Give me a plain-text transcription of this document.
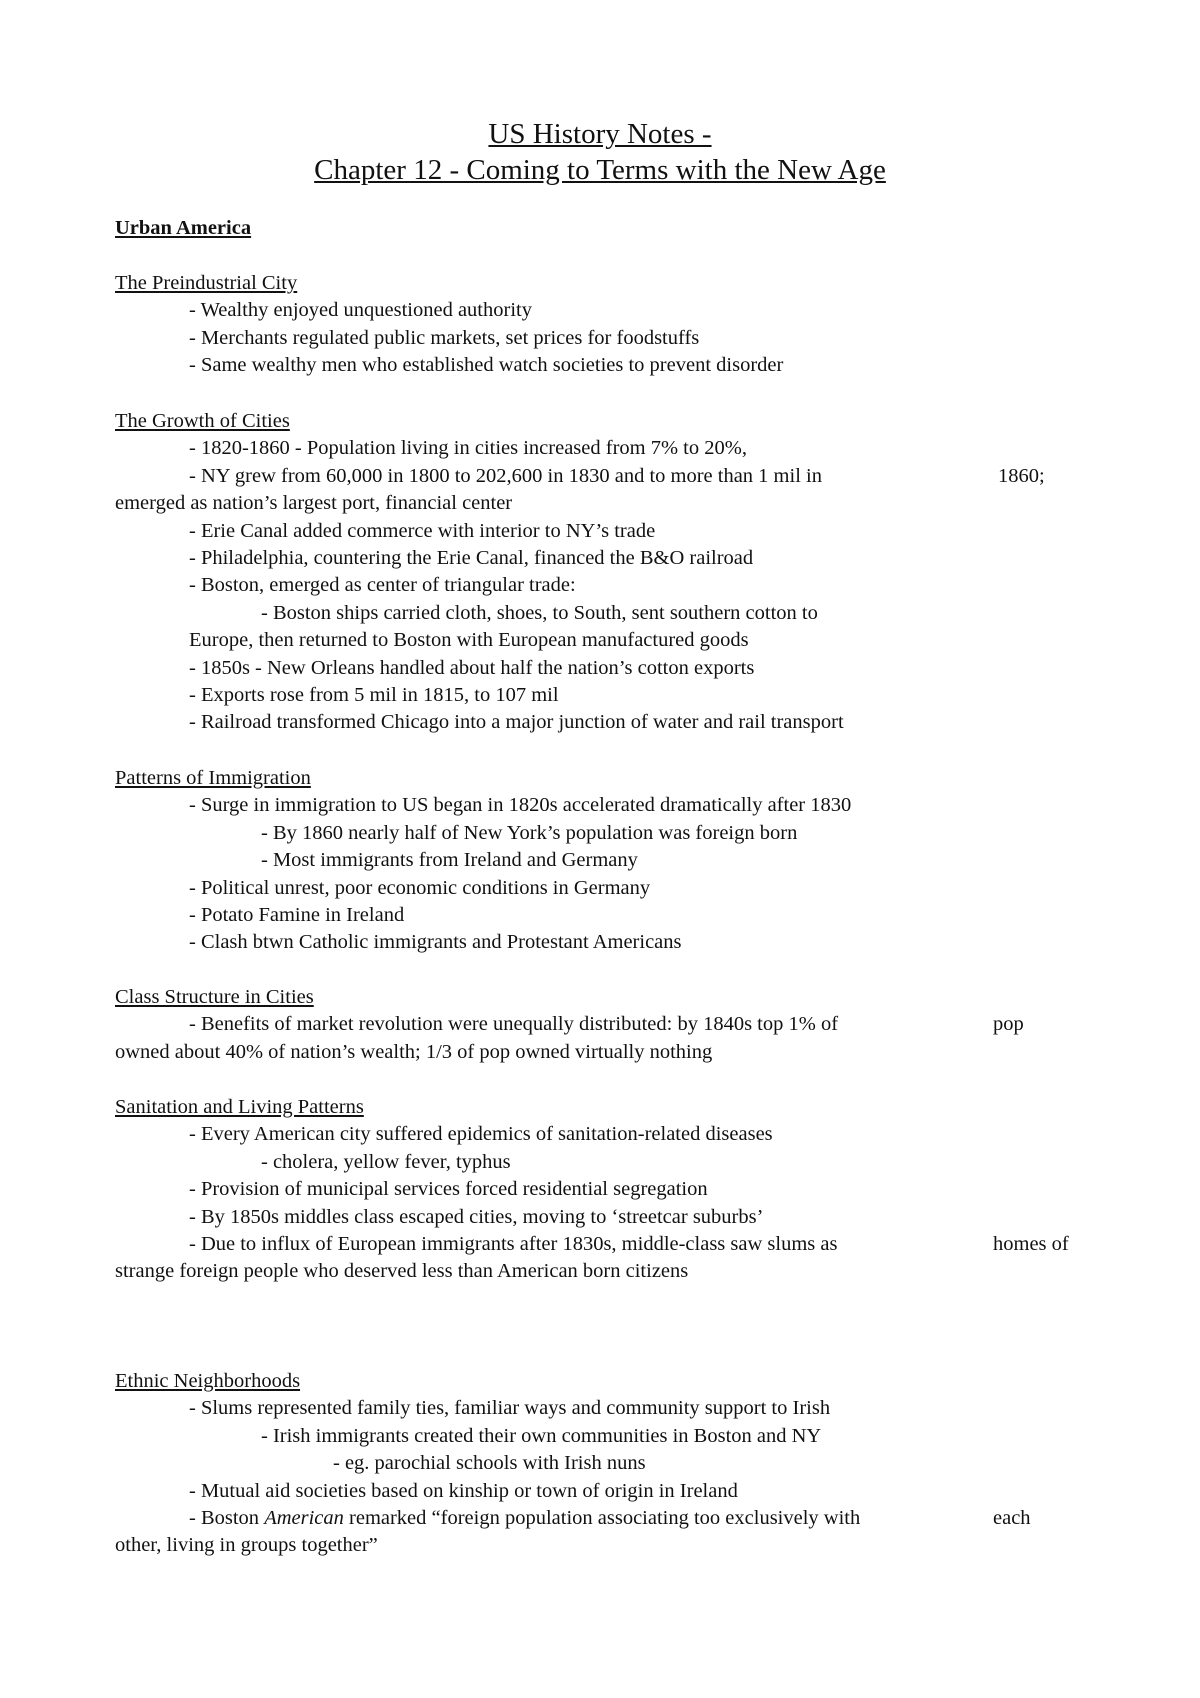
US History Notes -
Chapter 12 - Coming to Terms with the New Age
Urban America
The Preindustrial City
- Wealthy enjoyed unquestioned authority
- Merchants regulated public markets, set prices for foodstuffs
- Same wealthy men who established watch societies to prevent disorder
The Growth of Cities
- 1820-1860 - Population living in cities increased from 7% to 20%,
- NY grew from 60,000 in 1800 to 202,600 in 1830 and to more than 1 mil in	1860;
emerged as nation’s largest port, financial center
- Erie Canal added commerce with interior to NY’s trade
- Philadelphia, countering the Erie Canal, financed the B&O railroad
- Boston, emerged as center of triangular trade:
- Boston ships carried cloth, shoes, to South, sent southern cotton to
Europe, then returned to Boston with European manufactured goods
- 1850s - New Orleans handled about half the nation’s cotton exports
- Exports rose from 5 mil in 1815, to 107 mil
- Railroad transformed Chicago into a major junction of water and rail transport
Patterns of Immigration
- Surge in immigration to US began in 1820s accelerated dramatically after 1830
- By 1860 nearly half of New York’s population was foreign born
- Most immigrants from Ireland and Germany
- Political unrest, poor economic conditions in Germany
- Potato Famine in Ireland
- Clash btwn Catholic immigrants and Protestant Americans
Class Structure in Cities
- Benefits of market revolution were unequally distributed: by 1840s top 1% of	pop
owned about 40% of nation’s wealth; 1/3 of pop owned virtually nothing
Sanitation and Living Patterns
- Every American city suffered epidemics of sanitation-related diseases
- cholera, yellow fever, typhus
- Provision of municipal services forced residential segregation
- By 1850s middles class escaped cities, moving to ‘streetcar suburbs’
- Due to influx of European immigrants after 1830s, middle-class saw slums as	homes of
strange foreign people who deserved less than American born citizens
Ethnic Neighborhoods
- Slums represented family ties, familiar ways and community support to Irish
- Irish immigrants created their own communities in Boston and NY
- eg. parochial schools with Irish nuns
- Mutual aid societies based on kinship or town of origin in Ireland
- Boston American remarked “foreign population associating too exclusively with	each
other, living in groups together”
